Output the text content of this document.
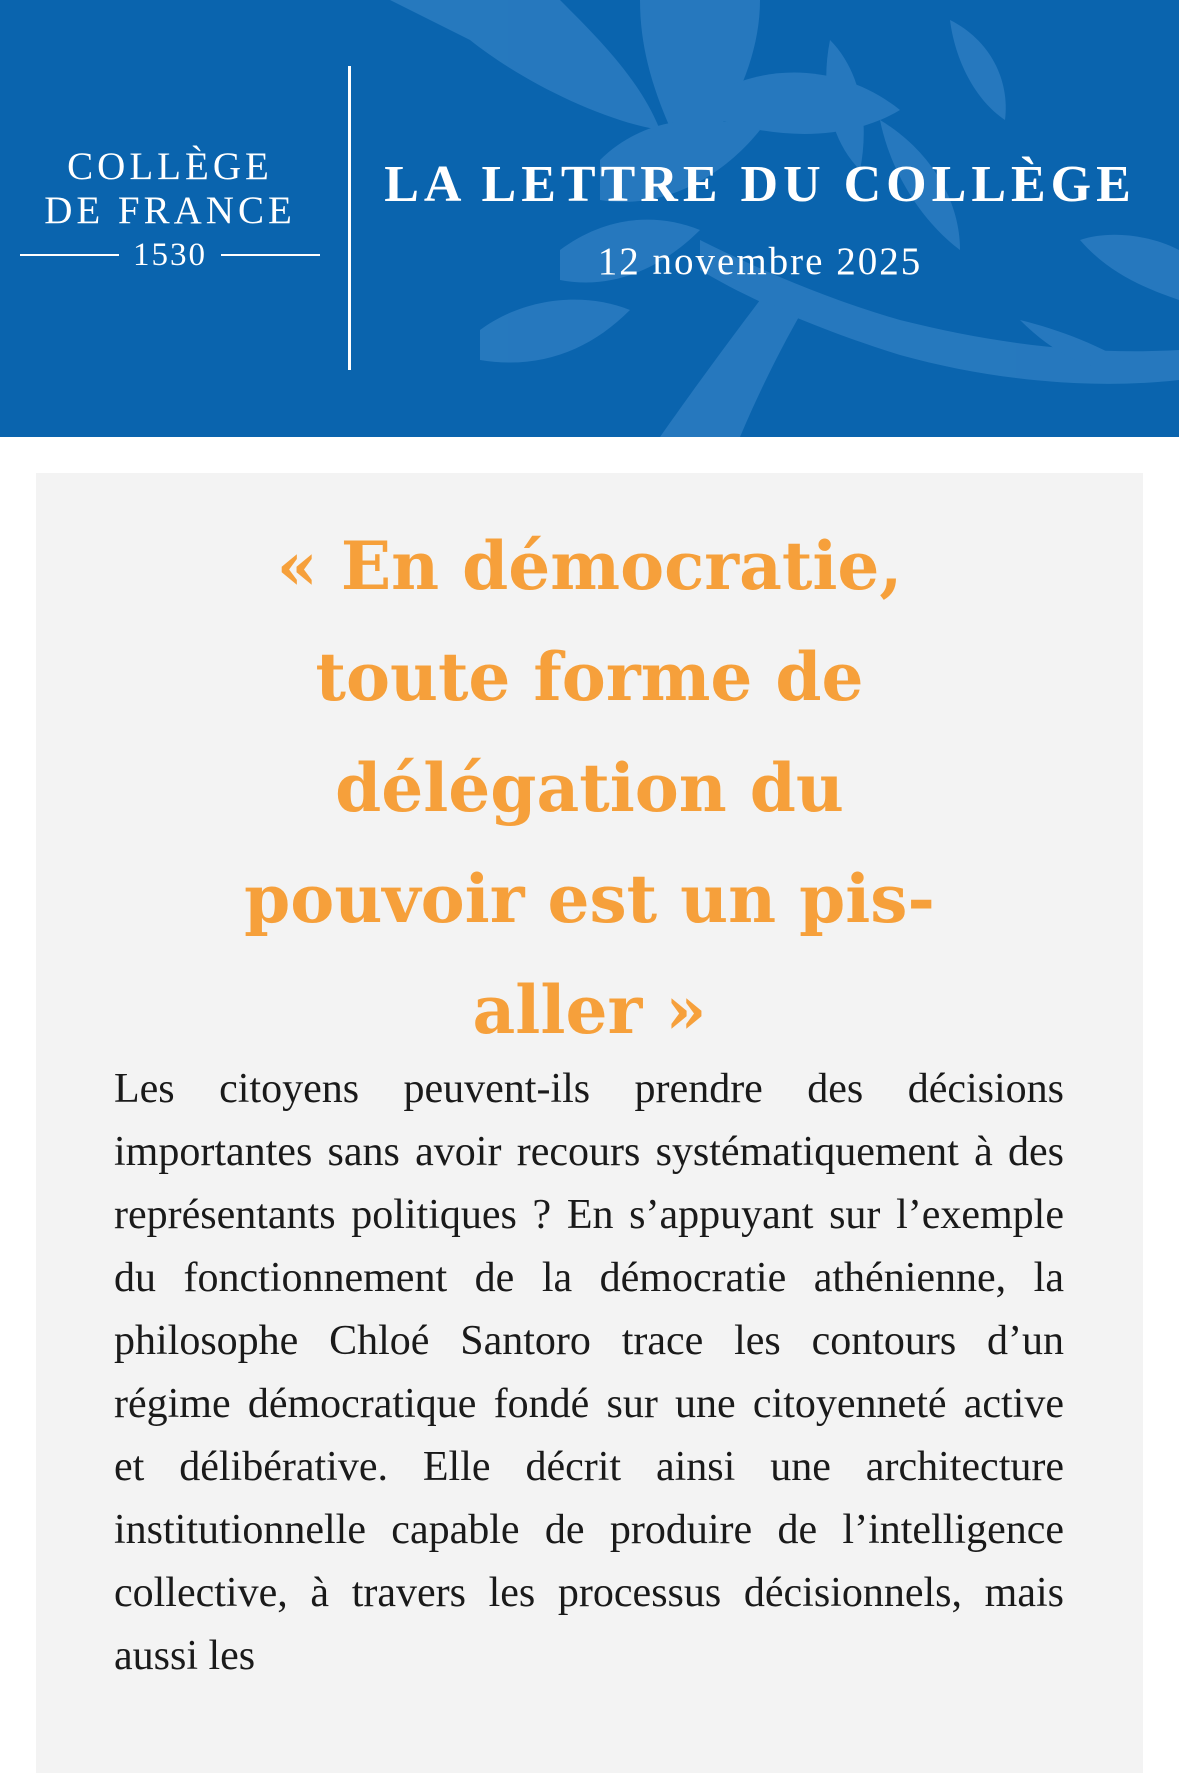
COLLÈGE
DE FRANCE
1530
LA LETTRE DU COLLÈGE
12 novembre 2025
« En démocratie, toute forme de délégation du pouvoir est un pis-aller »

Les citoyens peuvent-ils prendre des décisions importantes sans avoir recours systématiquement à des représentants politiques ? En s’appuyant sur l’exemple du fonctionnement de la démocratie athénienne, la philosophe Chloé Santoro trace les contours d’un régime démocratique fondé sur une citoyenneté active et délibérative. Elle décrit ainsi une architecture institutionnelle capable de produire de l’intelligence collective, à travers les processus décisionnels, mais aussi les
